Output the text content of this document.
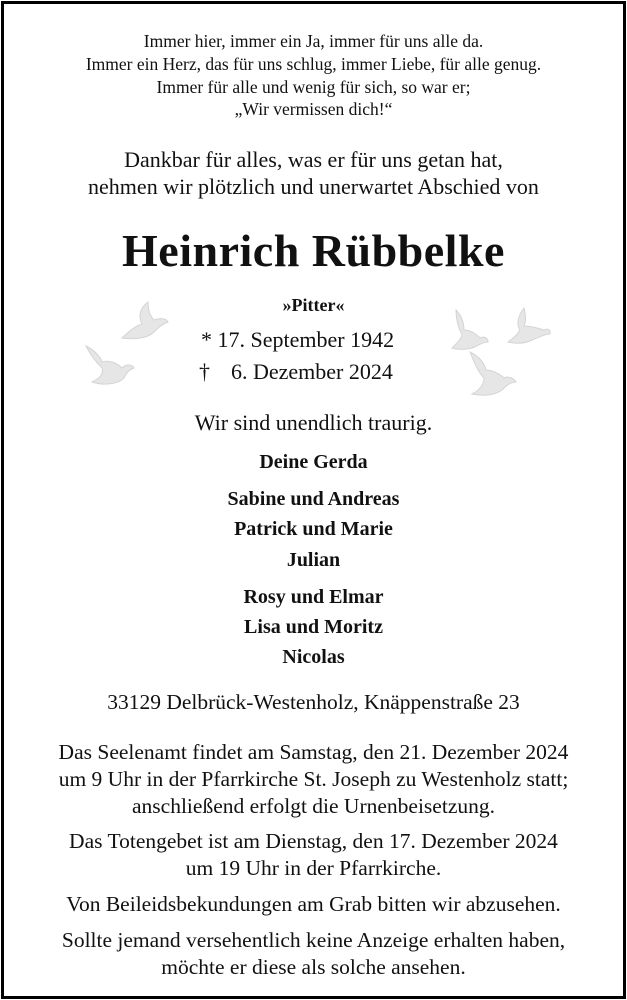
Immer hier, immer ein Ja, immer für uns alle da.
Immer ein Herz, das für uns schlug, immer Liebe, für alle genug.
Immer für alle und wenig für sich, so war er;
„Wir vermissen dich!“
Dankbar für alles, was er für uns getan hat,
nehmen wir plötzlich und unerwartet Abschied von
Heinrich Rübbelke
»Pitter«
* 17. September 1942
† 6. Dezember 2024
Wir sind unendlich traurig.
Deine Gerda
Sabine und Andreas
Patrick und Marie
Julian
Rosy und Elmar
Lisa und Moritz
Nicolas
33129 Delbrück-Westenholz, Knäppenstraße 23
Das Seelenamt findet am Samstag, den 21. Dezember 2024
um 9 Uhr in der Pfarrkirche St. Joseph zu Westenholz statt;
anschließend erfolgt die Urnenbeisetzung.
Das Totengebet ist am Dienstag, den 17. Dezember 2024
um 19 Uhr in der Pfarrkirche.
Von Beileidsbekundungen am Grab bitten wir abzusehen.
Sollte jemand versehentlich keine Anzeige erhalten haben,
möchte er diese als solche ansehen.
